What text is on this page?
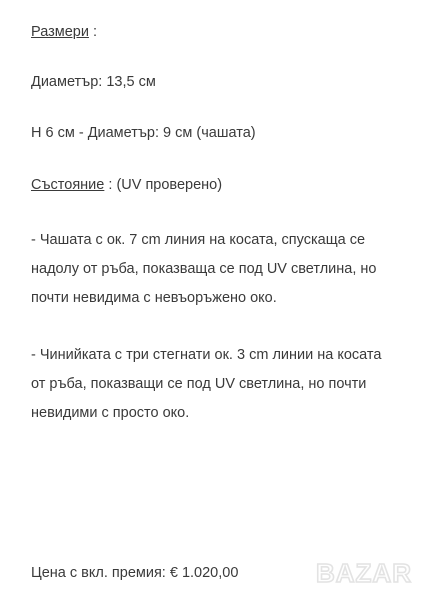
Размери :

Диаметър: 13,5 см

Н 6 см - Диаметър: 9 см (чашата)

Състояние : (UV проверено)

- Чашата с ок. 7 cm линия на косата, спускаща се
надолу от ръба, показваща се под UV светлина, но
почти невидима с невъоръжено око.
- Чинийката с три стегнати ок. 3 cm линии на косата
от ръба, показващи се под UV светлина, но почти
невидими с просто око.

Цена с вкл. премия: € 1.020,00	BAZAR
